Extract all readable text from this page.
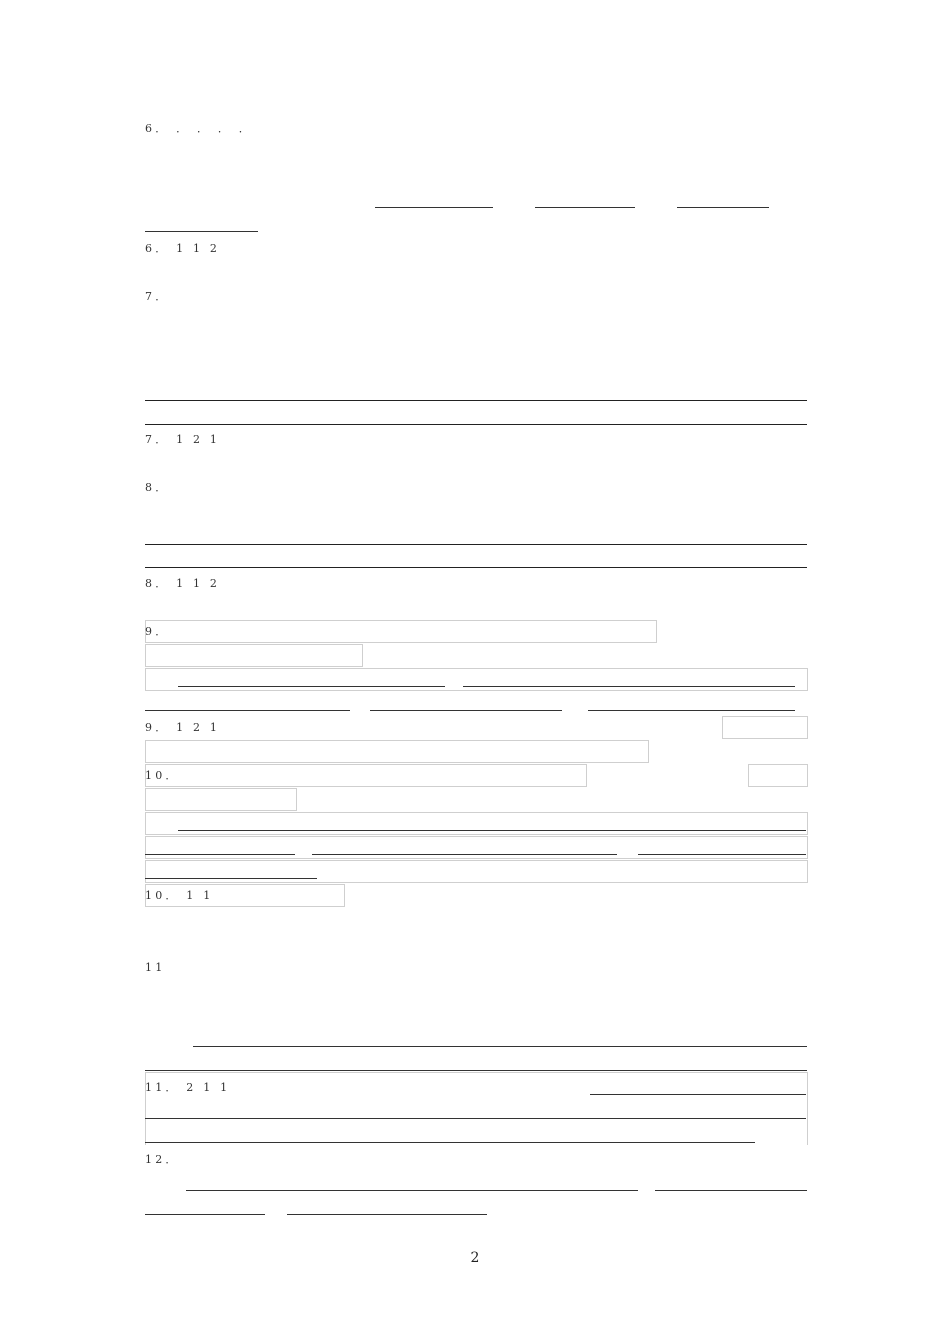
6． ． ． ． ．
6． 1 1 2
7．
7． 1 2 1
8．
8． 1 1 2
9．
9． 1 2 1
10．
10． 1 1
11
11． 2 1 1
12．
2
